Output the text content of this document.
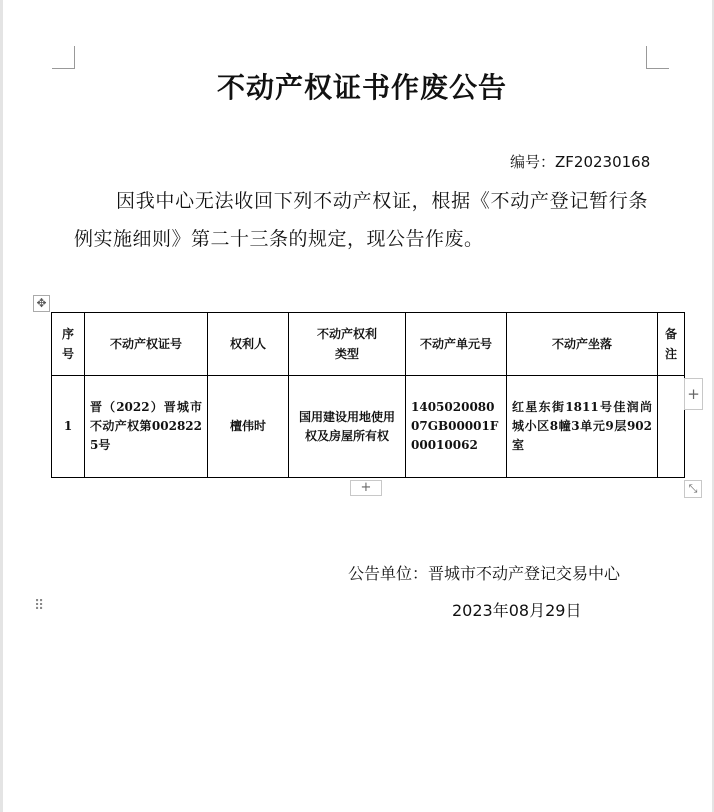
不动产权证书作废公告
编号：ZF20230168
因我中心无法收回下列不动产权证，根据《不动产登记暂行条例实施细则》第二十三条的规定，现公告作废。
✥
序号	不动产权证号	权利人	不动产权利类型	不动产单元号	不动产坐落	备注
1	晋（2022）晋城市不动产权第0028225号	檀伟时	国用建设用地使用权及房屋所有权	140502008007GB00001F00010062	红星东街1811号佳润尚城小区8幢3单元9层902室	
+
+	⤡
公告单位：晋城市不动产登记交易中心
⠿	2023年08月29日
